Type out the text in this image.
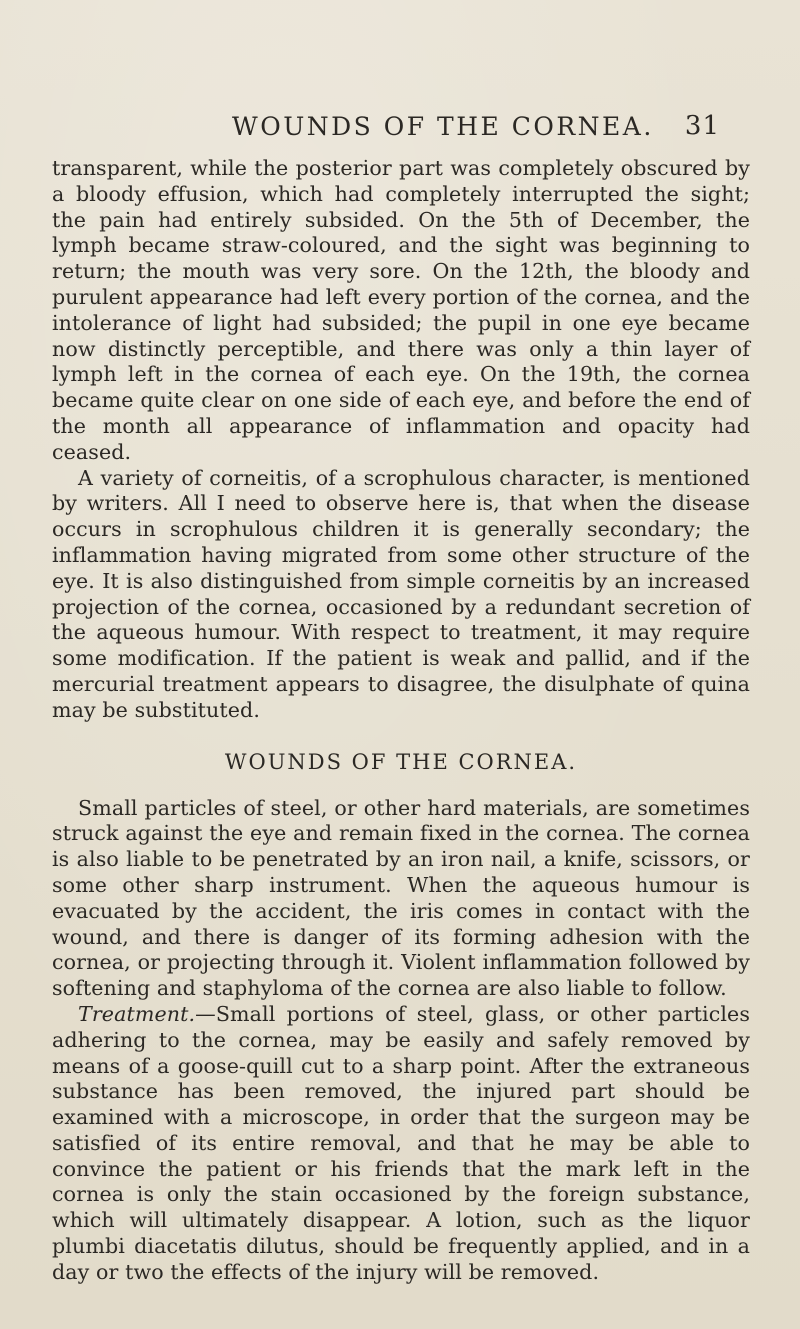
WOUNDS OF THE CORNEA. 31

transparent, while the posterior part was completely obscured by a bloody effusion, which had completely interrupted the sight; the pain had entirely subsided. On the 5th of December, the lymph became straw-coloured, and the sight was beginning to return; the mouth was very sore. On the 12th, the bloody and purulent appearance had left every portion of the cornea, and the intolerance of light had subsided; the pupil in one eye became now distinctly perceptible, and there was only a thin layer of lymph left in the cornea of each eye. On the 19th, the cornea became quite clear on one side of each eye, and before the end of the month all appearance of inflammation and opacity had ceased.

A variety of corneitis, of a scrophulous character, is mentioned by writers. All I need to observe here is, that when the disease occurs in scrophulous children it is generally secondary; the inflammation having migrated from some other structure of the eye. It is also distinguished from simple corneitis by an increased projection of the cornea, occasioned by a redundant secretion of the aqueous humour. With respect to treatment, it may require some modification. If the patient is weak and pallid, and if the mercurial treatment appears to disagree, the disulphate of quina may be substituted.

WOUNDS OF THE CORNEA.

Small particles of steel, or other hard materials, are sometimes struck against the eye and remain fixed in the cornea. The cornea is also liable to be penetrated by an iron nail, a knife, scissors, or some other sharp instrument. When the aqueous humour is evacuated by the accident, the iris comes in contact with the wound, and there is danger of its forming adhesion with the cornea, or projecting through it. Violent inflammation followed by softening and staphyloma of the cornea are also liable to follow.

Treatment.—Small portions of steel, glass, or other particles adhering to the cornea, may be easily and safely removed by means of a goose-quill cut to a sharp point. After the extraneous substance has been removed, the injured part should be examined with a microscope, in order that the surgeon may be satisfied of its entire removal, and that he may be able to convince the patient or his friends that the mark left in the cornea is only the stain occasioned by the foreign substance, which will ultimately disappear. A lotion, such as the liquor plumbi diacetatis dilutus, should be frequently applied, and in a day or two the effects of the injury will be removed.
